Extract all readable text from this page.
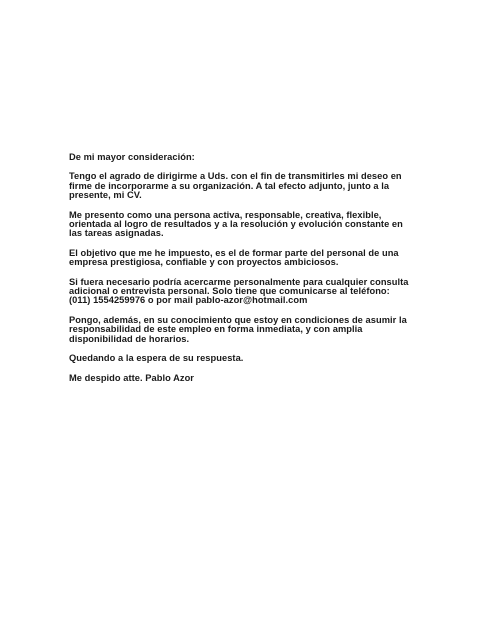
De mi mayor consideración:

Tengo el agrado de dirigirme a Uds. con el fin de transmitirles mi deseo en
firme de incorporarme a su organización. A tal efecto adjunto, junto a la
presente, mi CV.

Me presento como una persona activa, responsable, creativa, flexible,
orientada al logro de resultados y a la resolución y evolución constante en
las tareas asignadas.

El objetivo que me he impuesto, es el de formar parte del personal de una
empresa prestigiosa, confiable y con proyectos ambiciosos.

Si fuera necesario podría acercarme personalmente para cualquier consulta
adicional o entrevista personal. Solo tiene que comunicarse al teléfono:
(011) 1554259976 o por mail pablo-azor@hotmail.com

Pongo, además, en su conocimiento que estoy en condiciones de asumir la
responsabilidad de este empleo en forma inmediata, y con amplia
disponibilidad de horarios.

Quedando a la espera de su respuesta.

Me despido atte. Pablo Azor
